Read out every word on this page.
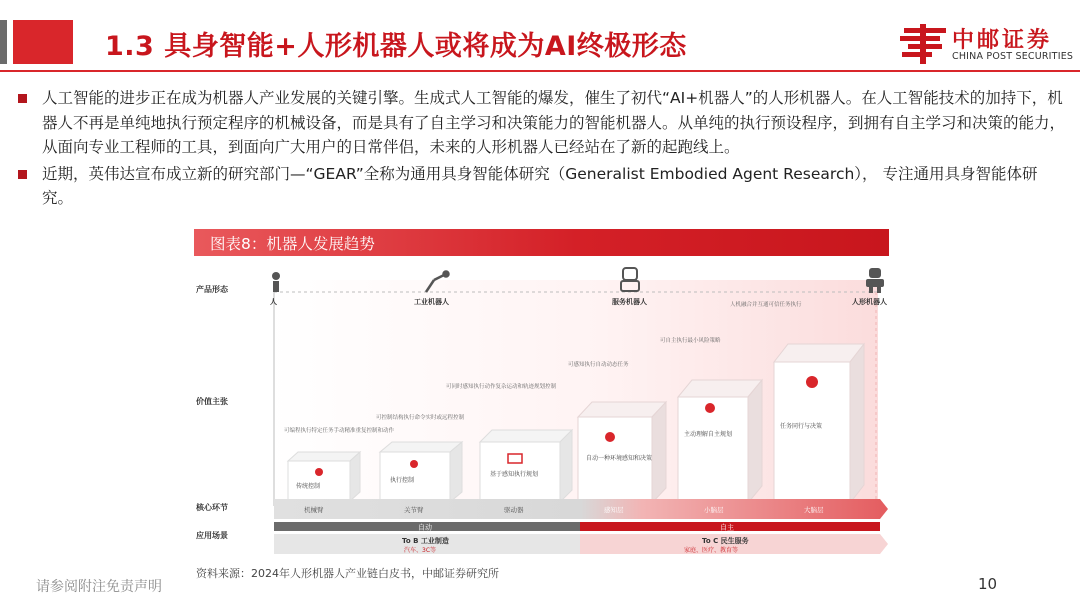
1.3 具身智能+人形机器人或将成为AI终极形态	中邮证券
CHINA POST SECURITIES
人工智能的进步正在成为机器人产业发展的关键引擎。生成式人工智能的爆发，催生了初代“AI+机器人”的人形机器人。在人工智能技术的加持下，机器人不再是单纯地执行预定程序的机械设备，而是具有了自主学习和决策能力的智能机器人。从单纯的执行预设程序，到拥有自主学习和决策的能力，从面向专业工程师的工具，到面向广大用户的日常伴侣，未来的人形机器人已经站在了新的起跑线上。
近期，英伟达宣布成立新的研究部门—“GEAR”全称为通用具身智能体研究（Generalist Embodied Agent Research）， 专注通用具身智能体研究。
图表8：机器人发展趋势
产品形态
价值主张
核心环节
应用场景
人	工业机器人	服务机器人	人形机器人
传统控制
可编程执行特定任务手动精准重复控制和动作
执行控制
可控制结构执行命令实时或远程控制
基于感知执行规划
可同时感知执行动作复杂运动和轨迹规划控制
自动一种环境感知和决策
可感知执行自动动态任务
主动理解自主规划
可自主执行最小风险策略
任务同行与决策
人机融合并互通可信任务执行
机械臂	关节臂	驱动器	感知层	小脑层	大脑层
自动	自主
To B 工业制造
汽车、3C等
To C 民生服务
家庭、医疗、教育等
资料来源：2024年人形机器人产业链白皮书，中邮证券研究所
请参阅附注免责声明	10
